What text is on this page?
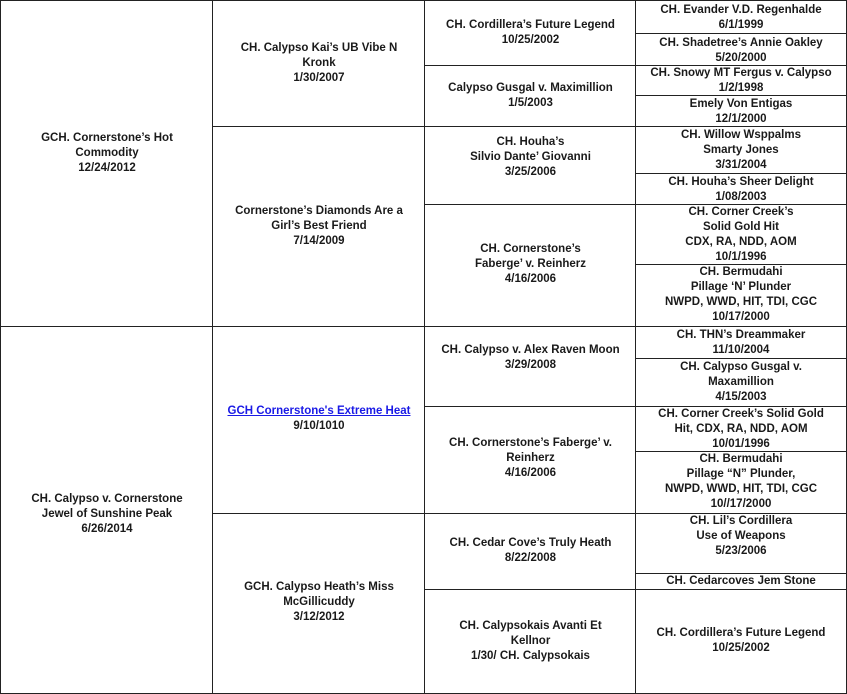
GCH. Cornerstone’s Hot
Commodity
12/24/2012
CH. Calypso v. Cornerstone
Jewel of Sunshine Peak
6/26/2014
CH. Calypso Kai’s UB Vibe N
Kronk
1/30/2007
Cornerstone’s Diamonds Are a
Girl’s Best Friend
7/14/2009
GCH Cornerstone's Extreme Heat
9/10/1010
GCH. Calypso Heath’s Miss
McGillicuddy
3/12/2012
CH. Cordillera’s Future Legend
10/25/2002
Calypso Gusgal v. Maximillion
1/5/2003
CH. Houha’s
Silvio Dante’ Giovanni
3/25/2006
CH. Cornerstone’s
Faberge’ v. Reinherz
4/16/2006
CH. Calypso v. Alex Raven Moon
3/29/2008
CH. Cornerstone’s Faberge’ v.
Reinherz
4/16/2006
CH. Cedar Cove’s Truly Heath
8/22/2008
CH. Calypsokais Avanti Et
Kellnor
1/30/ CH. Calypsokais
CH. Evander V.D. Regenhalde
6/1/1999
CH. Shadetree’s Annie Oakley
5/20/2000
CH. Snowy MT Fergus v. Calypso
1/2/1998
Emely Von Entigas
12/1/2000
CH. Willow Wsppalms
Smarty Jones
3/31/2004
CH. Houha’s Sheer Delight
1/08/2003
CH. Corner Creek’s
Solid Gold Hit
CDX, RA, NDD, AOM
10/1/1996
CH. Bermudahi
Pillage ‘N’ Plunder
NWPD, WWD, HIT, TDI, CGC
10/17/2000
CH. THN’s Dreammaker
11/10/2004
CH. Calypso Gusgal v.
Maxamillion
4/15/2003
CH. Corner Creek’s Solid Gold
Hit, CDX, RA, NDD, AOM
10/01/1996
CH. Bermudahi
Pillage “N” Plunder,
NWPD, WWD, HIT, TDI, CGC
10//17/2000
CH. Lil’s Cordillera
Use of Weapons
5/23/2006
CH. Cedarcoves Jem Stone
CH. Cordillera’s Future Legend
10/25/2002
